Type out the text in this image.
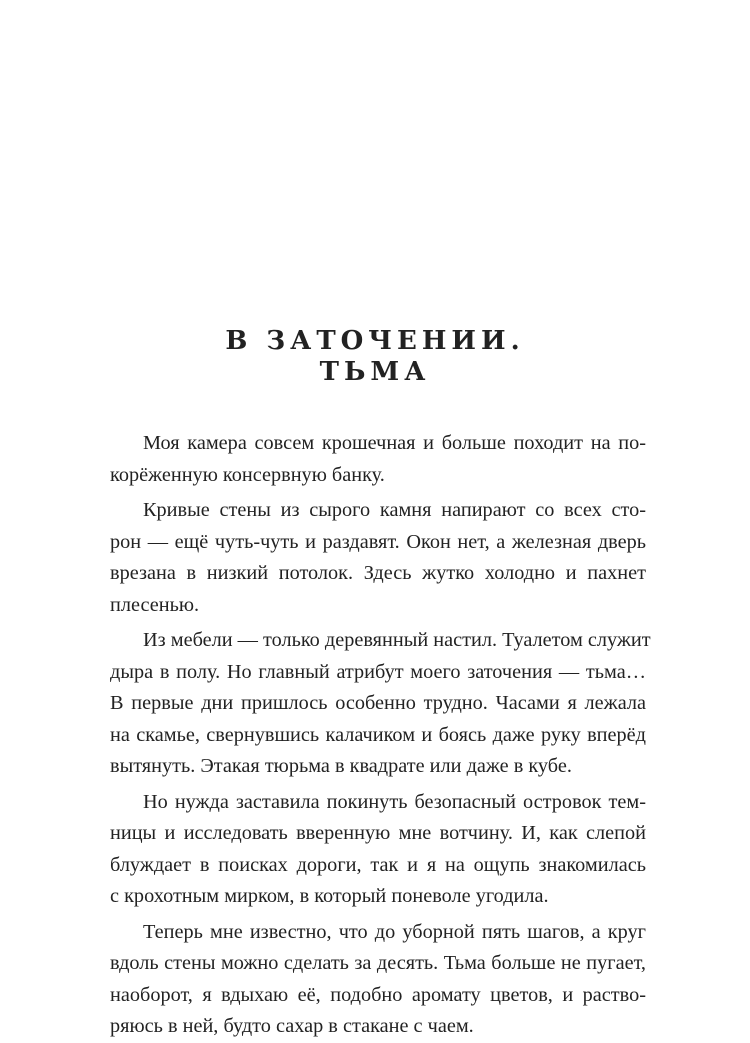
В ЗАТОЧЕНИИ.
ТЬМА
Моя камера совсем крошечная и больше походит на по-
корёженную консервную банку.
Кривые стены из сырого камня напирают со всех сто-
рон — ещё чуть-чуть и раздавят. Окон нет, а железная дверь
врезана в низкий потолок. Здесь жутко холодно и пахнет
плесенью.
Из мебели — только деревянный настил. Туалетом служит
дыра в полу. Но главный атрибут моего заточения — тьма…
В первые дни пришлось особенно трудно. Часами я лежала
на скамье, свернувшись калачиком и боясь даже руку вперёд
вытянуть. Этакая тюрьма в квадрате или даже в кубе.
Но нужда заставила покинуть безопасный островок тем-
ницы и исследовать вверенную мне вотчину. И, как слепой
блуждает в поисках дороги, так и я на ощупь знакомилась
с крохотным мирком, в который поневоле угодила.
Теперь мне известно, что до уборной пять шагов, а круг
вдоль стены можно сделать за десять. Тьма больше не пугает,
наоборот, я вдыхаю её, подобно аромату цветов, и раство-
ряюсь в ней, будто сахар в стакане с чаем.
